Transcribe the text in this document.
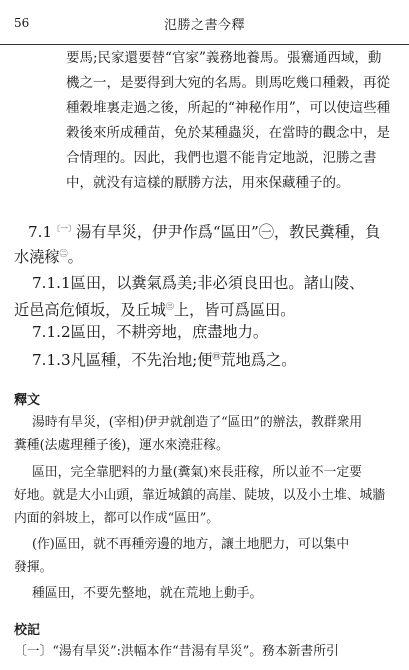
56	氾勝之書今釋
要馬;民家還要替“官家”義務地養馬。張騫通西域，動
機之一，是要得到大宛的名馬。則馬吃幾口種穀，再從
種穀堆裏走過之後，所起的“神秘作用”，可以使這些種
穀後來所成種苗，免於某種蟲災，在當時的觀念中，是
合情理的。因此，我們也還不能肯定地説，氾勝之書
中，就没有這樣的厭勝方法，用來保藏種子的。
$7.1^{〔一〕}$湯有旱災，伊尹作爲“區田”㊀，教民糞種，負
水澆稼$^㊁$。
7.1.1區田，以糞氣爲美;非必須良田也。諸山陵、
近邑高危傾坂，及丘城$^㊂$上，皆可爲區田。
7.1.2區田，不耕旁地，庶盡地力。
7.1.3凡區種，不先治地;便$^㊃$荒地爲之。
釋文
湯時有旱災，(宰相)伊尹就創造了“區田”的辦法，教群衆用
糞種(法處理種子後)，運水來澆莊稼。
區田，完全靠肥料的力量(糞氣)來長莊稼，所以並不一定要
好地。就是大小山頭，靠近城鎮的高崖、陡坡，以及小土堆、城牆
内面的斜坡上，都可以作成“區田”。
(作)區田，就不再種旁邊的地方，讓土地肥力，可以集中
發揮。
種區田，不要先整地，就在荒地上動手。
校記
〔一〕“湯有旱災”:洪幅本作“昔湯有旱災”。務本新書所引
